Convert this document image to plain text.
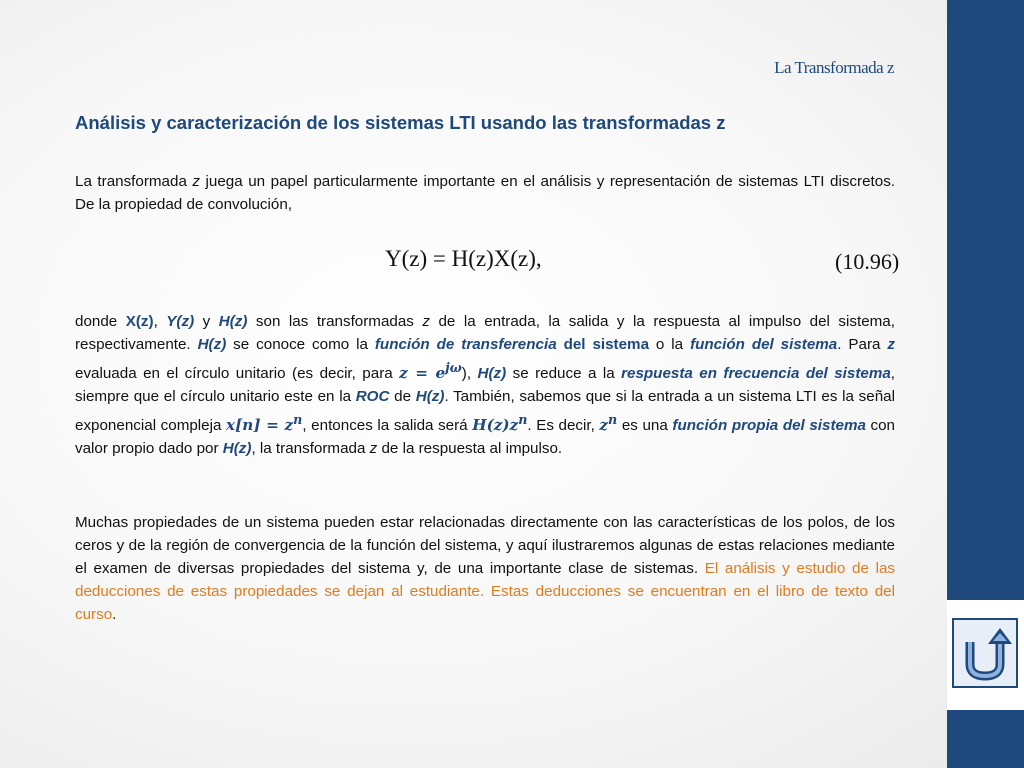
La Transformada z
Análisis y caracterización de los sistemas LTI usando las transformadas z

La transformada z juega un papel particularmente importante en el análisis y representación de sistemas LTI discretos. De la propiedad de convolución,

Y(z) = H(z)X(z),	(10.96)

donde X(z), Y(z) y H(z) son las transformadas z de la entrada, la salida y la respuesta al impulso del sistema, respectivamente. H(z) se conoce como la función de transferencia del sistema o la función del sistema. Para z evaluada en el círculo unitario (es decir, para $z = e^{j\omega}$), H(z) se reduce a la respuesta en frecuencia del sistema, siempre que el círculo unitario este en la ROC de H(z). También, sabemos que si la entrada a un sistema LTI es la señal exponencial compleja $x[n] = z^n$, entonces la salida será $H(z)z^n$. Es decir, $z^n$ es una función propia del sistema con valor propio dado por H(z), la transformada z de la respuesta al impulso.

Muchas propiedades de un sistema pueden estar relacionadas directamente con las características de los polos, de los ceros y de la región de convergencia de la función del sistema, y aquí ilustraremos algunas de estas relaciones mediante el examen de diversas propiedades del sistema y, de una importante clase de sistemas. El análisis y estudio de las deducciones de estas propiedades se dejan al estudiante. Estas deducciones se encuentran en el libro de texto del curso.
